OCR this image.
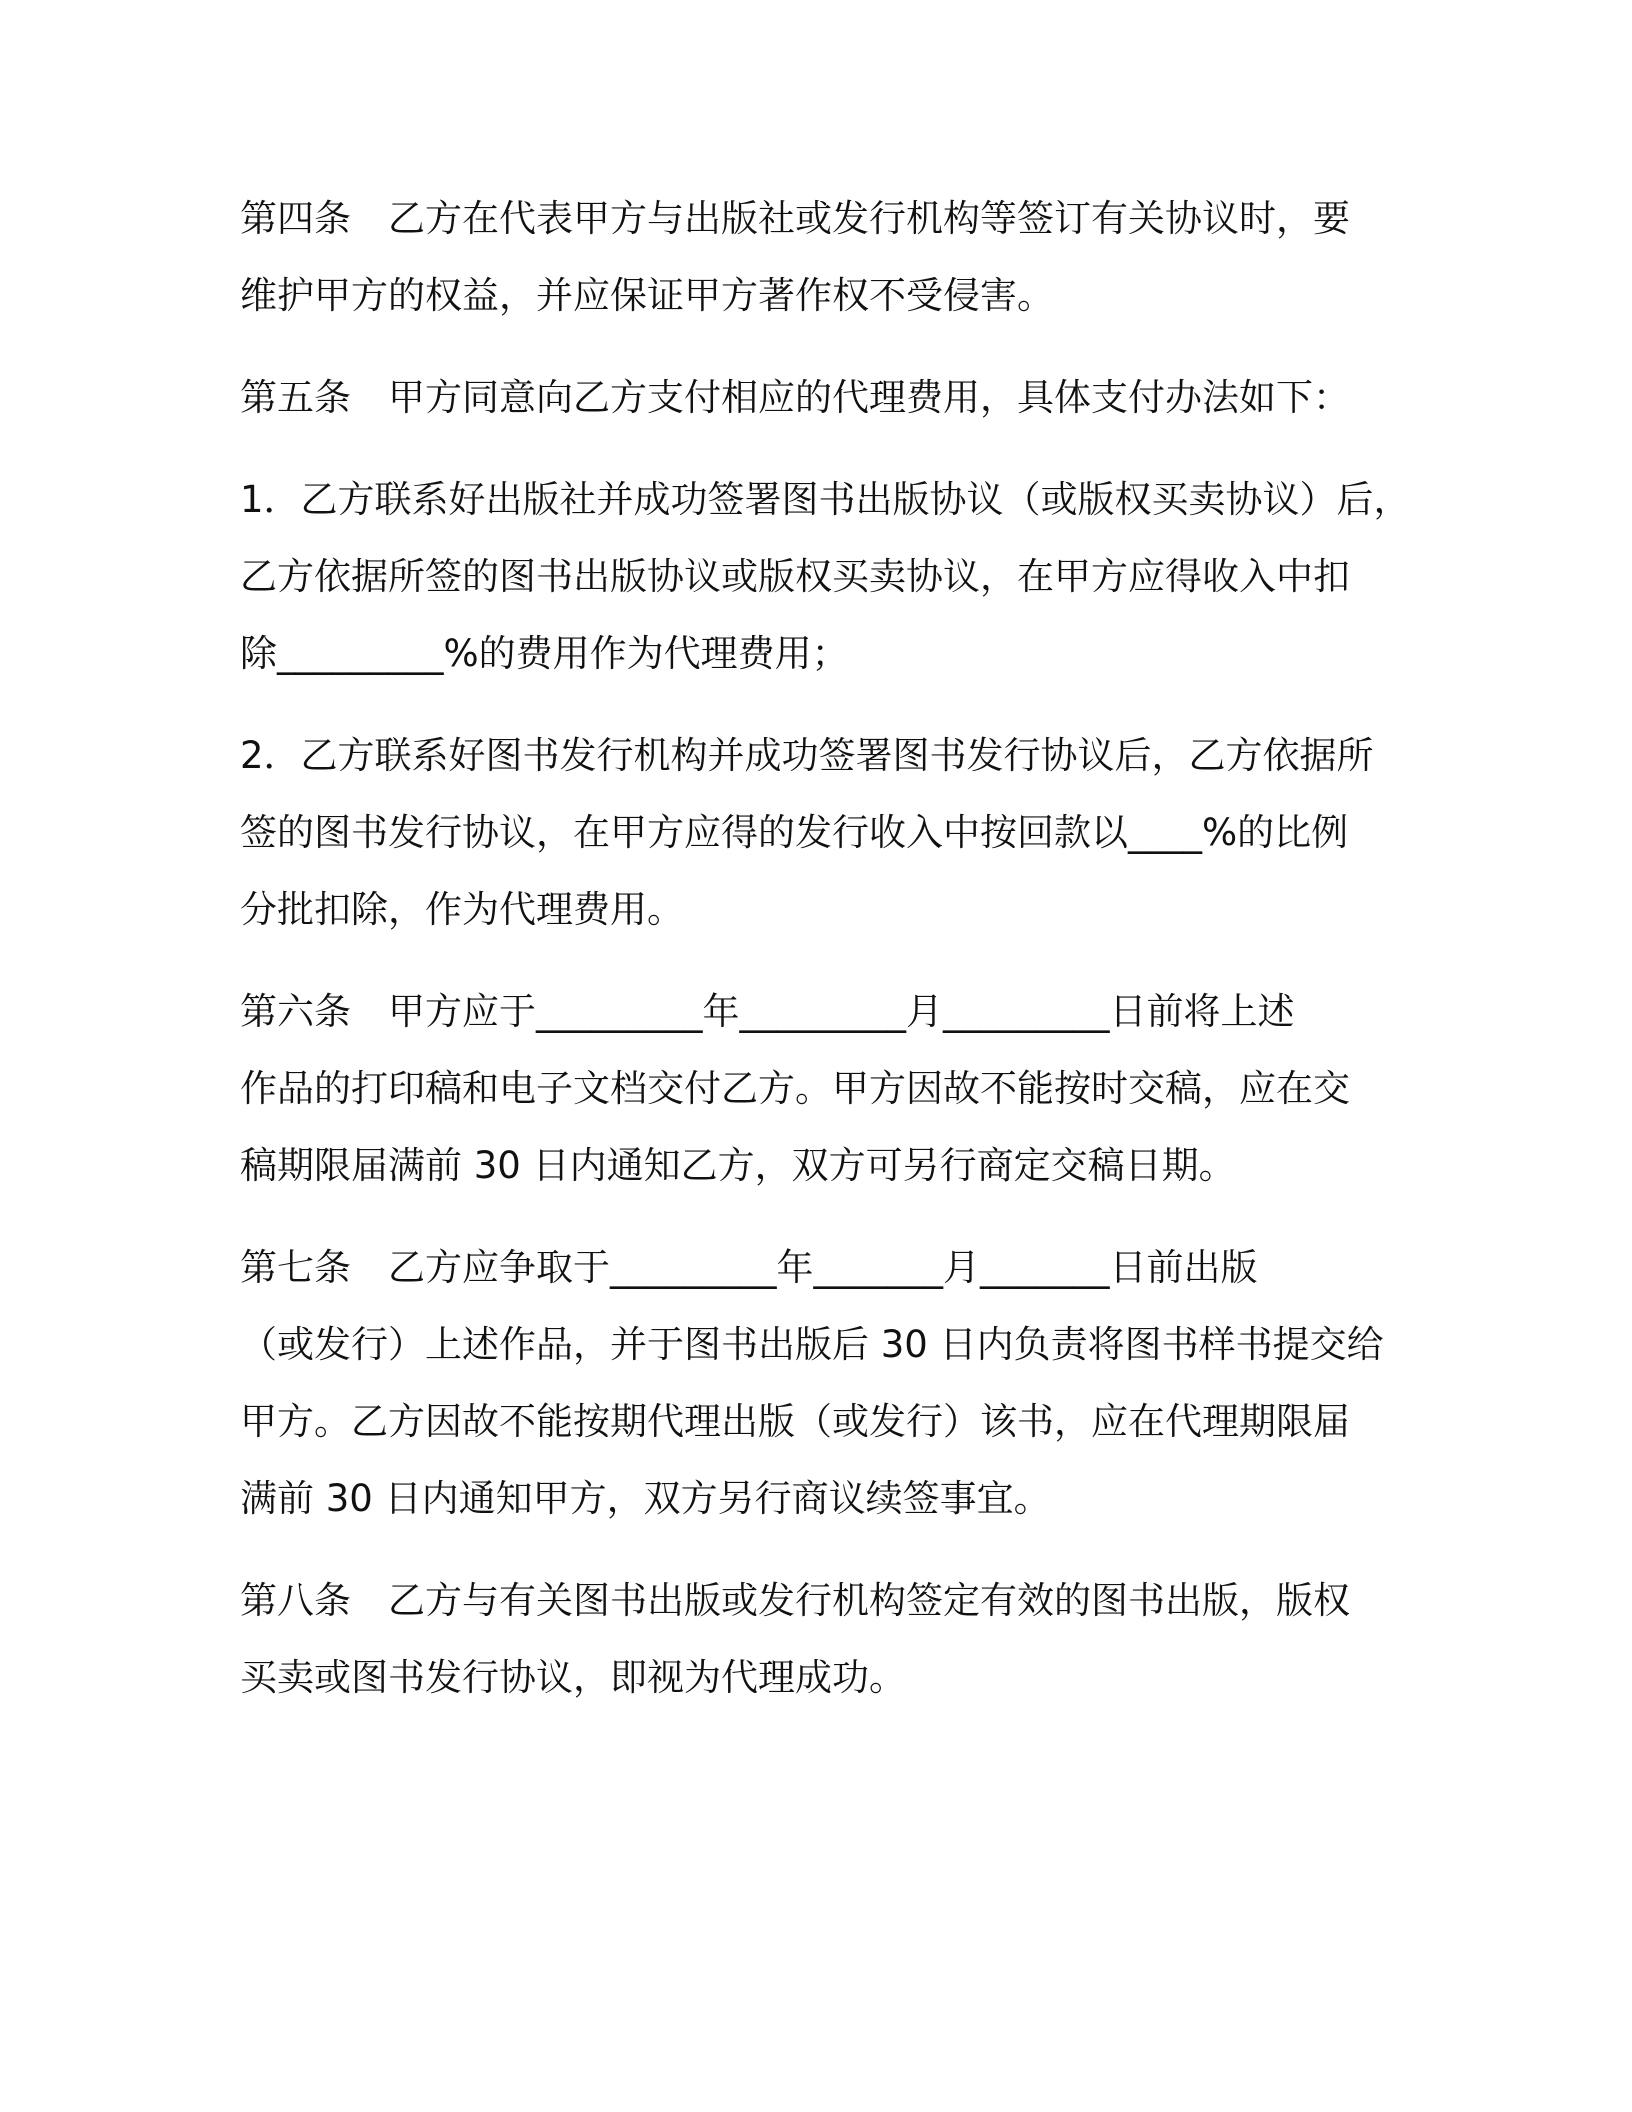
第四条　乙方在代表甲方与出版社或发行机构等签订有关协议时，要
维护甲方的权益，并应保证甲方著作权不受侵害。
第五条　甲方同意向乙方支付相应的代理费用，具体支付办法如下：
1．乙方联系好出版社并成功签署图书出版协议（或版权买卖协议）后，
乙方依据所签的图书出版协议或版权买卖协议，在甲方应得收入中扣
除_________%的费用作为代理费用；
2．乙方联系好图书发行机构并成功签署图书发行协议后，乙方依据所
签的图书发行协议，在甲方应得的发行收入中按回款以____%的比例
分批扣除，作为代理费用。
第六条　甲方应于_________年_________月_________日前将上述
作品的打印稿和电子文档交付乙方。甲方因故不能按时交稿，应在交
稿期限届满前 30 日内通知乙方，双方可另行商定交稿日期。
第七条　乙方应争取于_________年_______月_______日前出版
（或发行）上述作品，并于图书出版后 30 日内负责将图书样书提交给
甲方。乙方因故不能按期代理出版（或发行）该书，应在代理期限届
满前 30 日内通知甲方，双方另行商议续签事宜。
第八条　乙方与有关图书出版或发行机构签定有效的图书出版，版权
买卖或图书发行协议，即视为代理成功。
